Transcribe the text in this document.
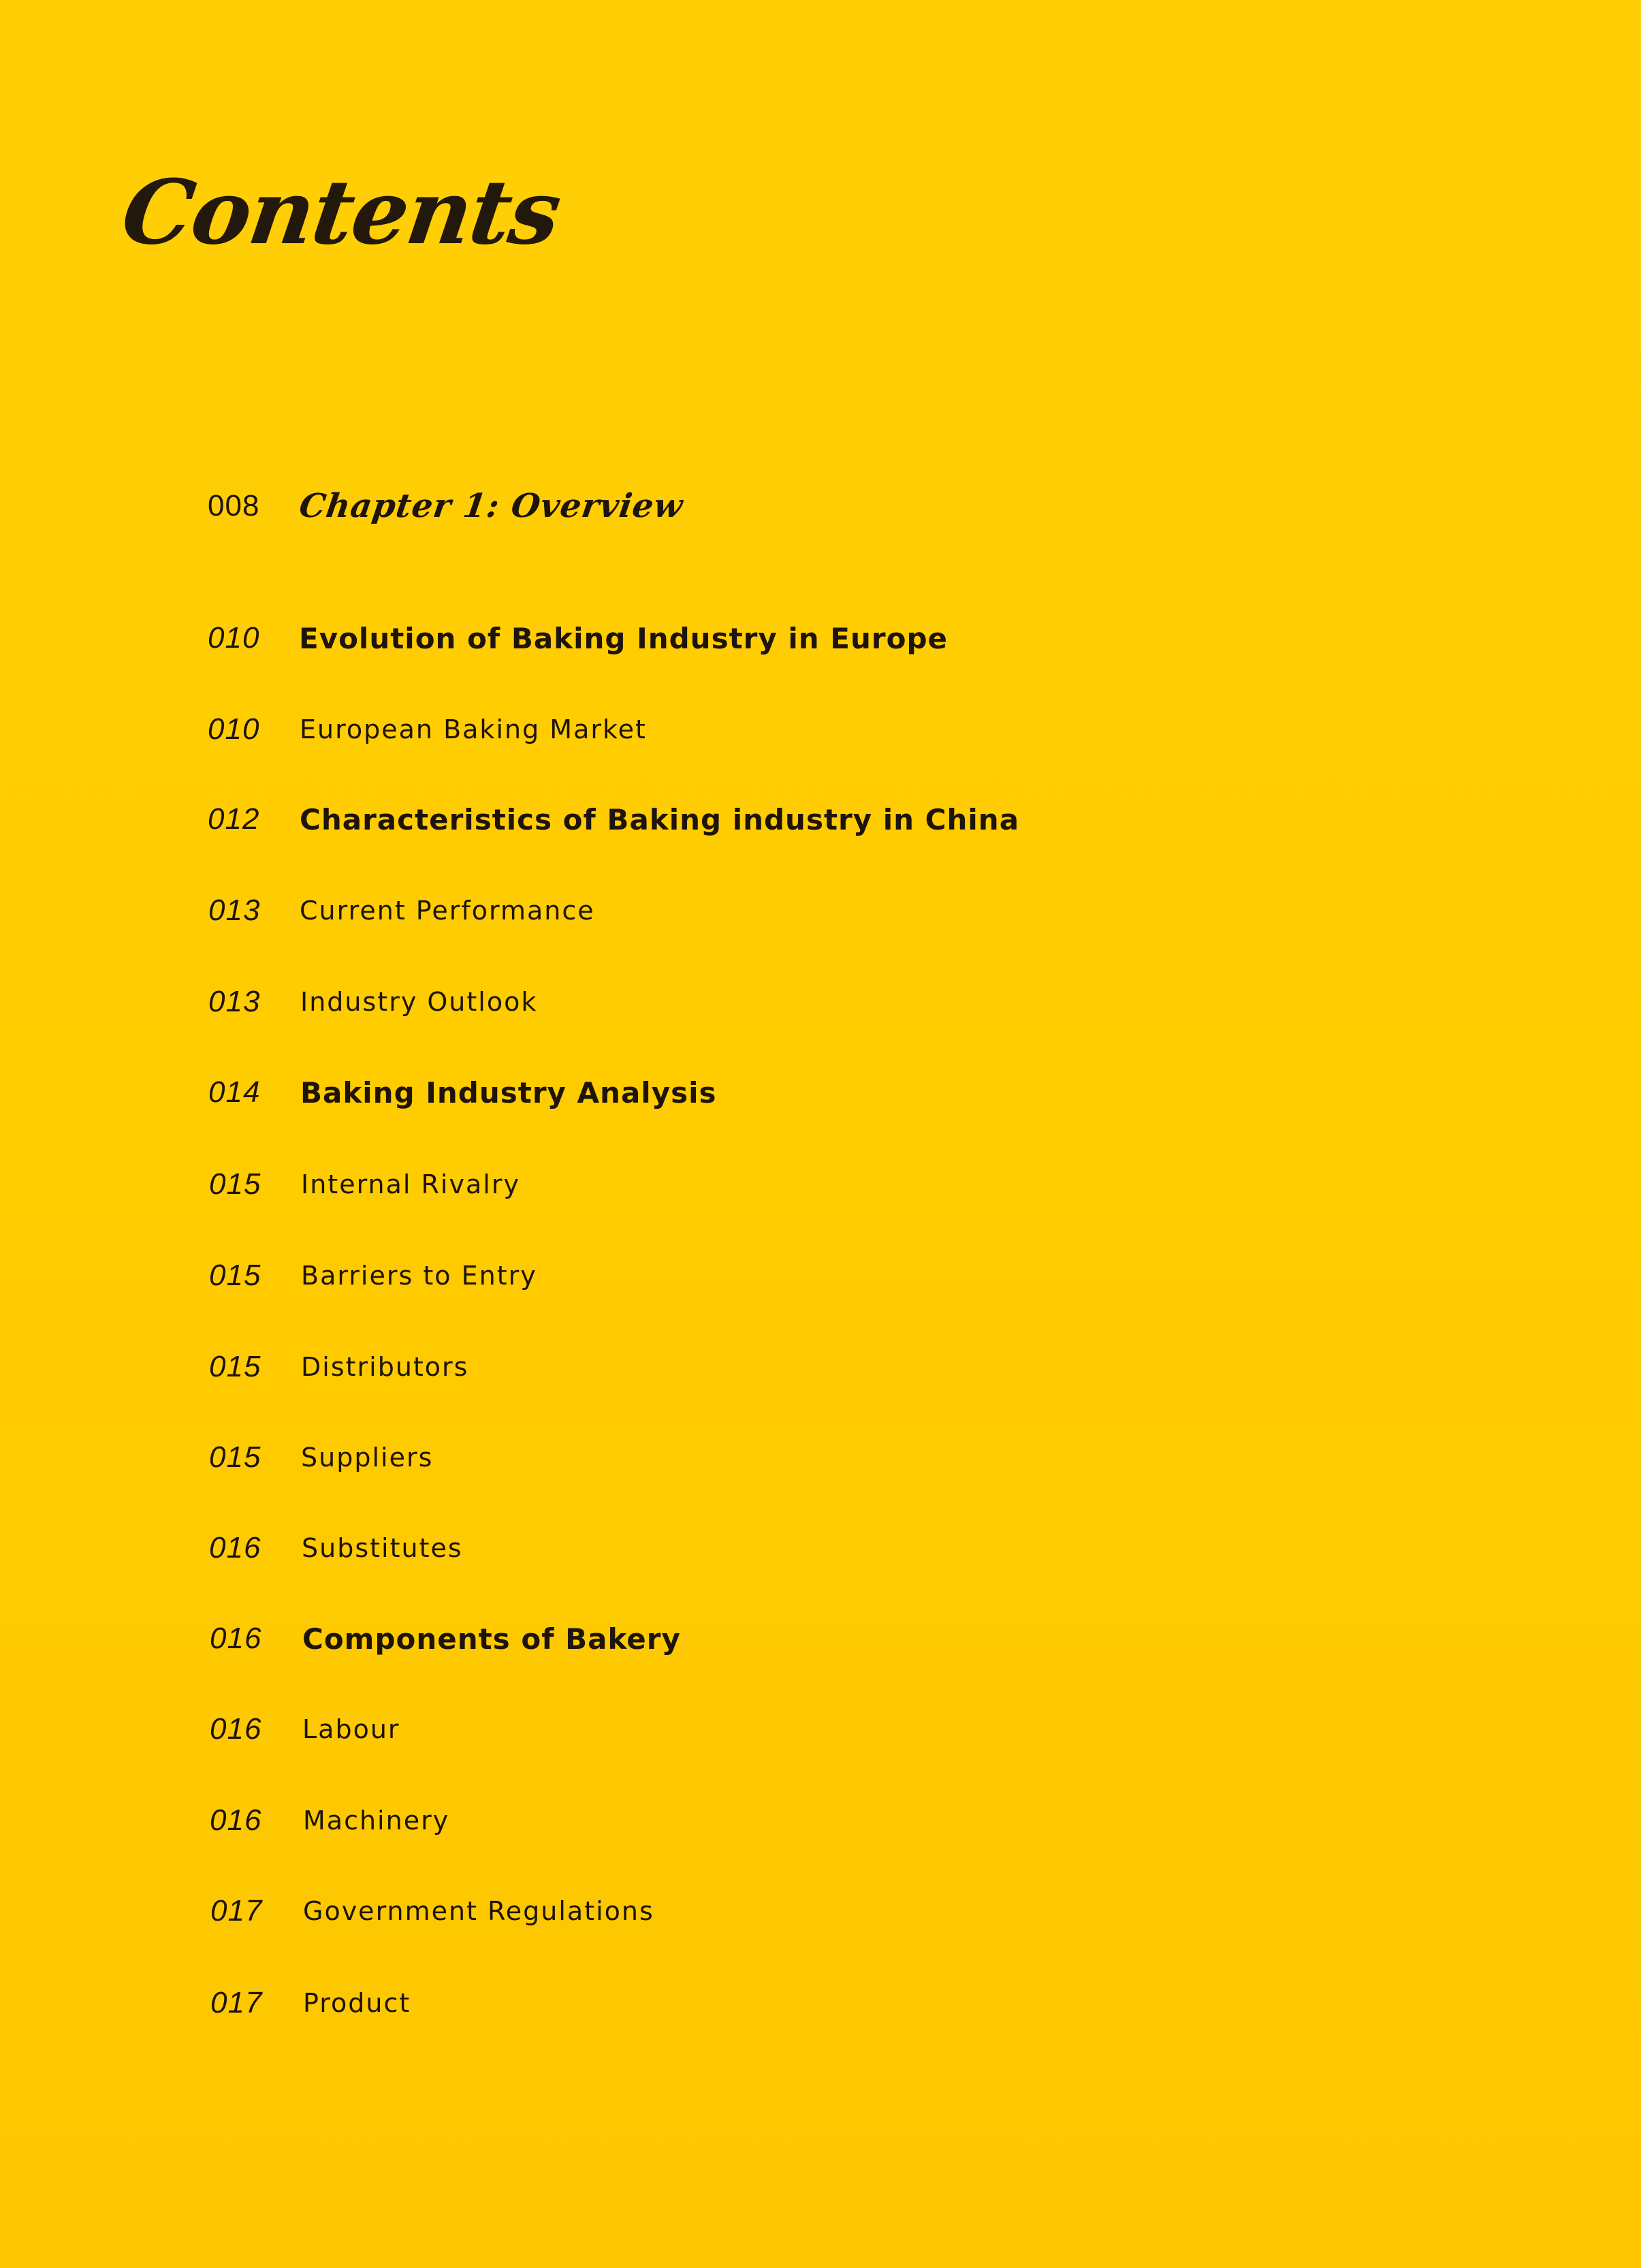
Contents
008	Chapter 1: Overview
010	Evolution of Baking Industry in Europe
010	European Baking Market
012	Characteristics of Baking industry in China
013	Current Performance
013	Industry Outlook
014	Baking Industry Analysis
015	Internal Rivalry
015	Barriers to Entry
015	Distributors
015	Suppliers
016	Substitutes
016	Components of Bakery
016	Labour
016	Machinery
017	Government Regulations
017	Product
